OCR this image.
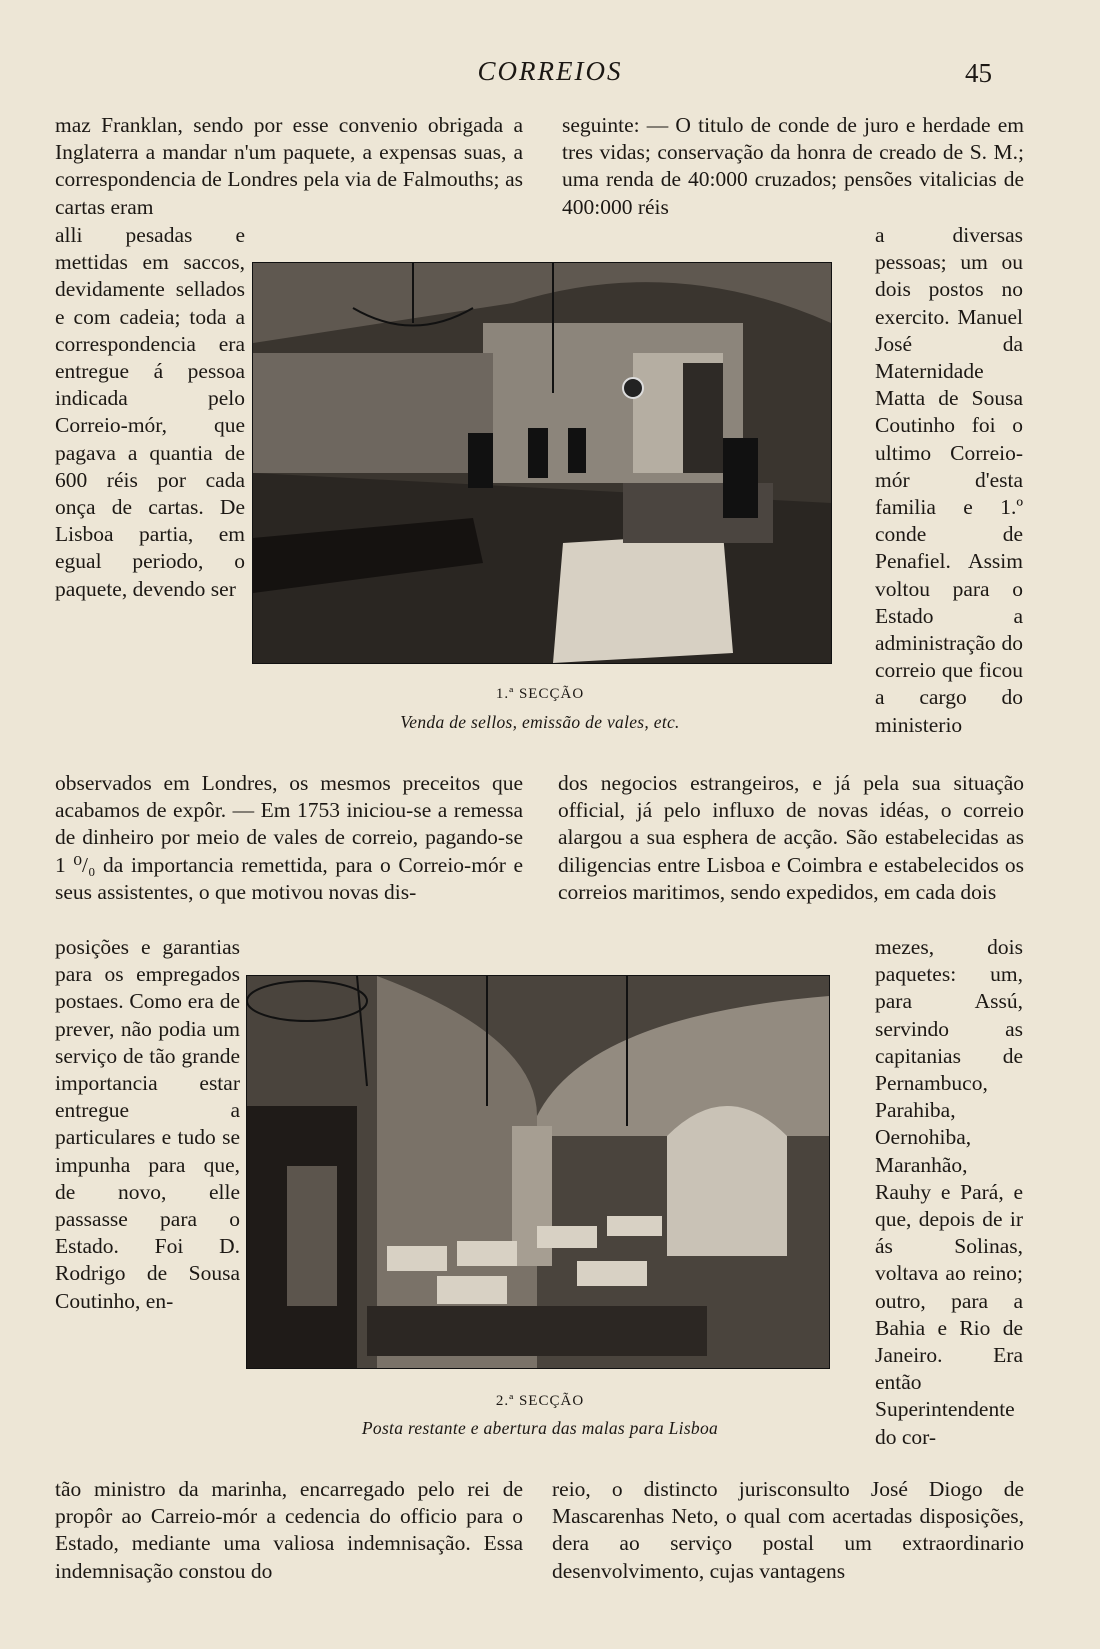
CORREIOS	45

maz Franklan, sendo por esse convenio obrigada a Inglaterra a mandar n'um paquete, a expensas suas, a correspondencia de Londres pela via de Falmouths; as cartas eram

alli pesadas e mettidas em saccos, devidamente sellados e com cadeia; toda a correspondencia era entregue á pessoa indicada pelo Correio-mór, que pagava a quantia de 600 réis por cada onça de cartas. De Lisboa partia, em egual periodo, o paquete, devendo ser

observados em Londres, os mesmos preceitos que acabamos de expôr. — Em 1753 iniciou-se a remessa de dinheiro por meio de vales de correio, pagando-se 1 ⁰/₀ da importancia remettida, para o Correio-mór e seus assistentes, o que motivou novas dis-

posições e garantias para os empregados postaes. Como era de prever, não podia um serviço de tão grande importancia estar entregue a particulares e tudo se impunha para que, de novo, elle passasse para o Estado. Foi D. Rodrigo de Sousa Coutinho, en-

tão ministro da marinha, encarregado pelo rei de propôr ao Carreio-mór a cedencia do officio para o Estado, mediante uma valiosa indemnisação. Essa indemnisação constou do

seguinte: — O titulo de conde de juro e herdade em tres vidas; conservação da honra de creado de S. M.; uma renda de 40:000 cruzados; pensões vitalicias de 400:000 réis

a diversas pessoas; um ou dois postos no exercito. Manuel José da Maternidade Matta de Sousa Coutinho foi o ultimo Correio-mór d'esta familia e 1.º conde de Penafiel. Assim voltou para o Estado a administração do correio que ficou a cargo do ministerio

dos negocios estrangeiros, e já pela sua situação official, já pelo influxo de novas idéas, o correio alargou a sua esphera de acção. São estabelecidas as diligencias entre Lisboa e Coimbra e estabelecidos os correios maritimos, sendo expedidos, em cada dois

mezes, dois paquetes: um, para Assú, servindo as capitanias de Pernambuco, Parahiba, Oernohiba, Maranhão, Rauhy e Pará, e que, depois de ir ás Solinas, voltava ao reino; outro, para a Bahia e Rio de Janeiro. Era então Superintendente do cor-

reio, o distincto jurisconsulto José Diogo de Mascarenhas Neto, o qual com acertadas disposições, dera ao serviço postal um extraordinario desenvolvimento, cujas vantagens

1.ª SECÇÃO
Venda de sellos, emissão de vales, etc.
2.ª SECÇÃO
Posta restante e abertura das malas para Lisboa
